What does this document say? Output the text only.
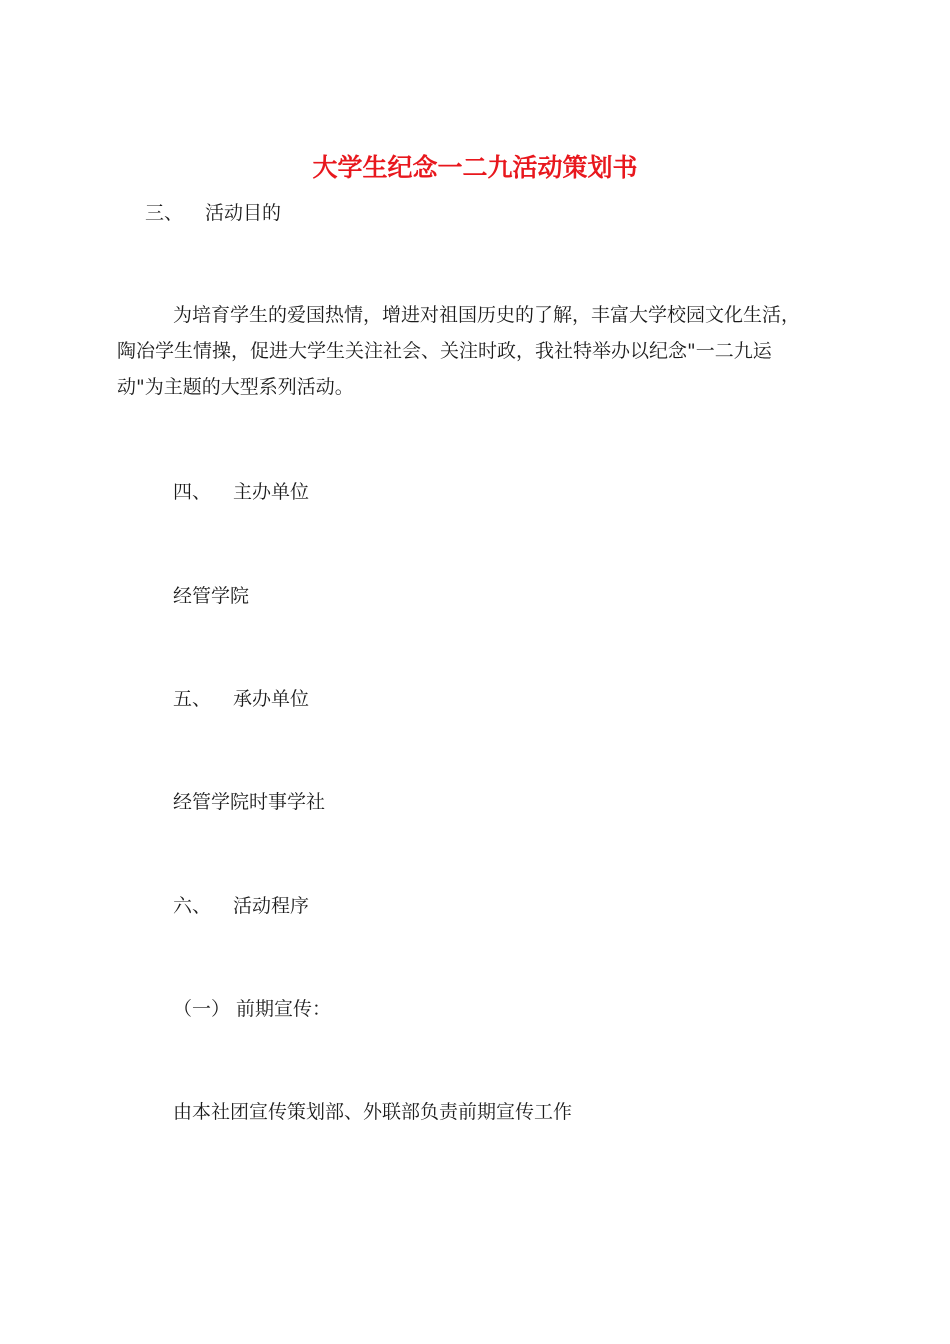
大学生纪念一二九活动策划书

三、 活动目的

为培育学生的爱国热情，增进对祖国历史的了解，丰富大学校园文化生活，
陶冶学生情操，促进大学生关注社会、关注时政，我社特举办以纪念"一二九运
动"为主题的大型系列活动。

四、 主办单位

经管学院

五、 承办单位

经管学院时事学社

六、 活动程序

（一） 前期宣传：

由本社团宣传策划部、外联部负责前期宣传工作
